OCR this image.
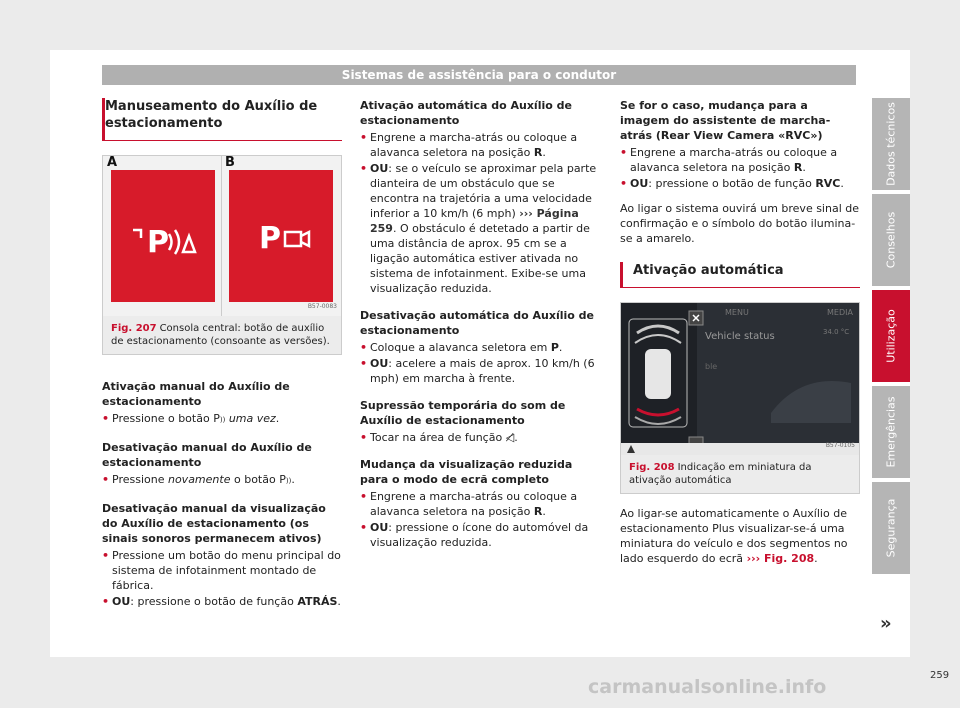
Sistemas de assistência para o condutor
Manuseamento do Auxílio de estacionamento
A	B
P	P
B57-0083
Fig. 207 Consola central: botão de auxílio de estacionamento (consoante as versões).
Ativação manual do Auxílio de estacionamento
• Pressione o botão P)) uma vez.
Desativação manual do Auxílio de estacionamento
• Pressione novamente o botão P)).
Desativação manual da visualização do Auxílio de estacionamento (os sinais sonoros permanecem ativos)
• Pressione um botão do menu principal do sistema de infotainment montado de fábrica.
• OU: pressione o botão de função ATRÁS.
Ativação automática do Auxílio de estacionamento
• Engrene a marcha-atrás ou coloque a alavanca seletora na posição R.
• OU: se o veículo se aproximar pela parte dianteira de um obstáculo que se encontra na trajetória a uma velocidade inferior a 10 km/h (6 mph) ››› Página 259. O obstáculo é detetado a partir de uma distância de aprox. 95 cm se a ligação automática estiver ativada no sistema de infotainment. Exibe-se uma visualização reduzida.
Desativação automática do Auxílio de estacionamento
• Coloque a alavanca seletora em P.
• OU: acelere a mais de aprox. 10 km/h (6 mph) em marcha à frente.
Supressão temporária do som de Auxílio de estacionamento
• Tocar na área de função ◁̸.
Mudança da visualização reduzida para o modo de ecrã completo
• Engrene a marcha-atrás ou coloque a alavanca seletora na posição R.
• OU: pressione o ícone do automóvel da visualização reduzida.
Se for o caso, mudança para a imagem do assistente de marcha-atrás (Rear View Camera «RVC»)
• Engrene a marcha-atrás ou coloque a alavanca seletora na posição R.
• OU: pressione o botão de função RVC.

Ao ligar o sistema ouvirá um breve sinal de confirmação e o símbolo do botão ilumina-se a amarelo.

Ativação automática
MENU	MEDIA
Vehicle status	34.0 °C
ble
B57-0105
Fig. 208 Indicação em miniatura da ativação automática

Ao ligar-se automaticamente o Auxílio de estacionamento Plus visualizar-se-á uma miniatura do veículo e dos segmentos no lado esquerdo do ecrã ››› Fig. 208.

»
259
Dados técnicos
Conselhos
Utilização
Emergências
Segurança
carmanualsonline.info
